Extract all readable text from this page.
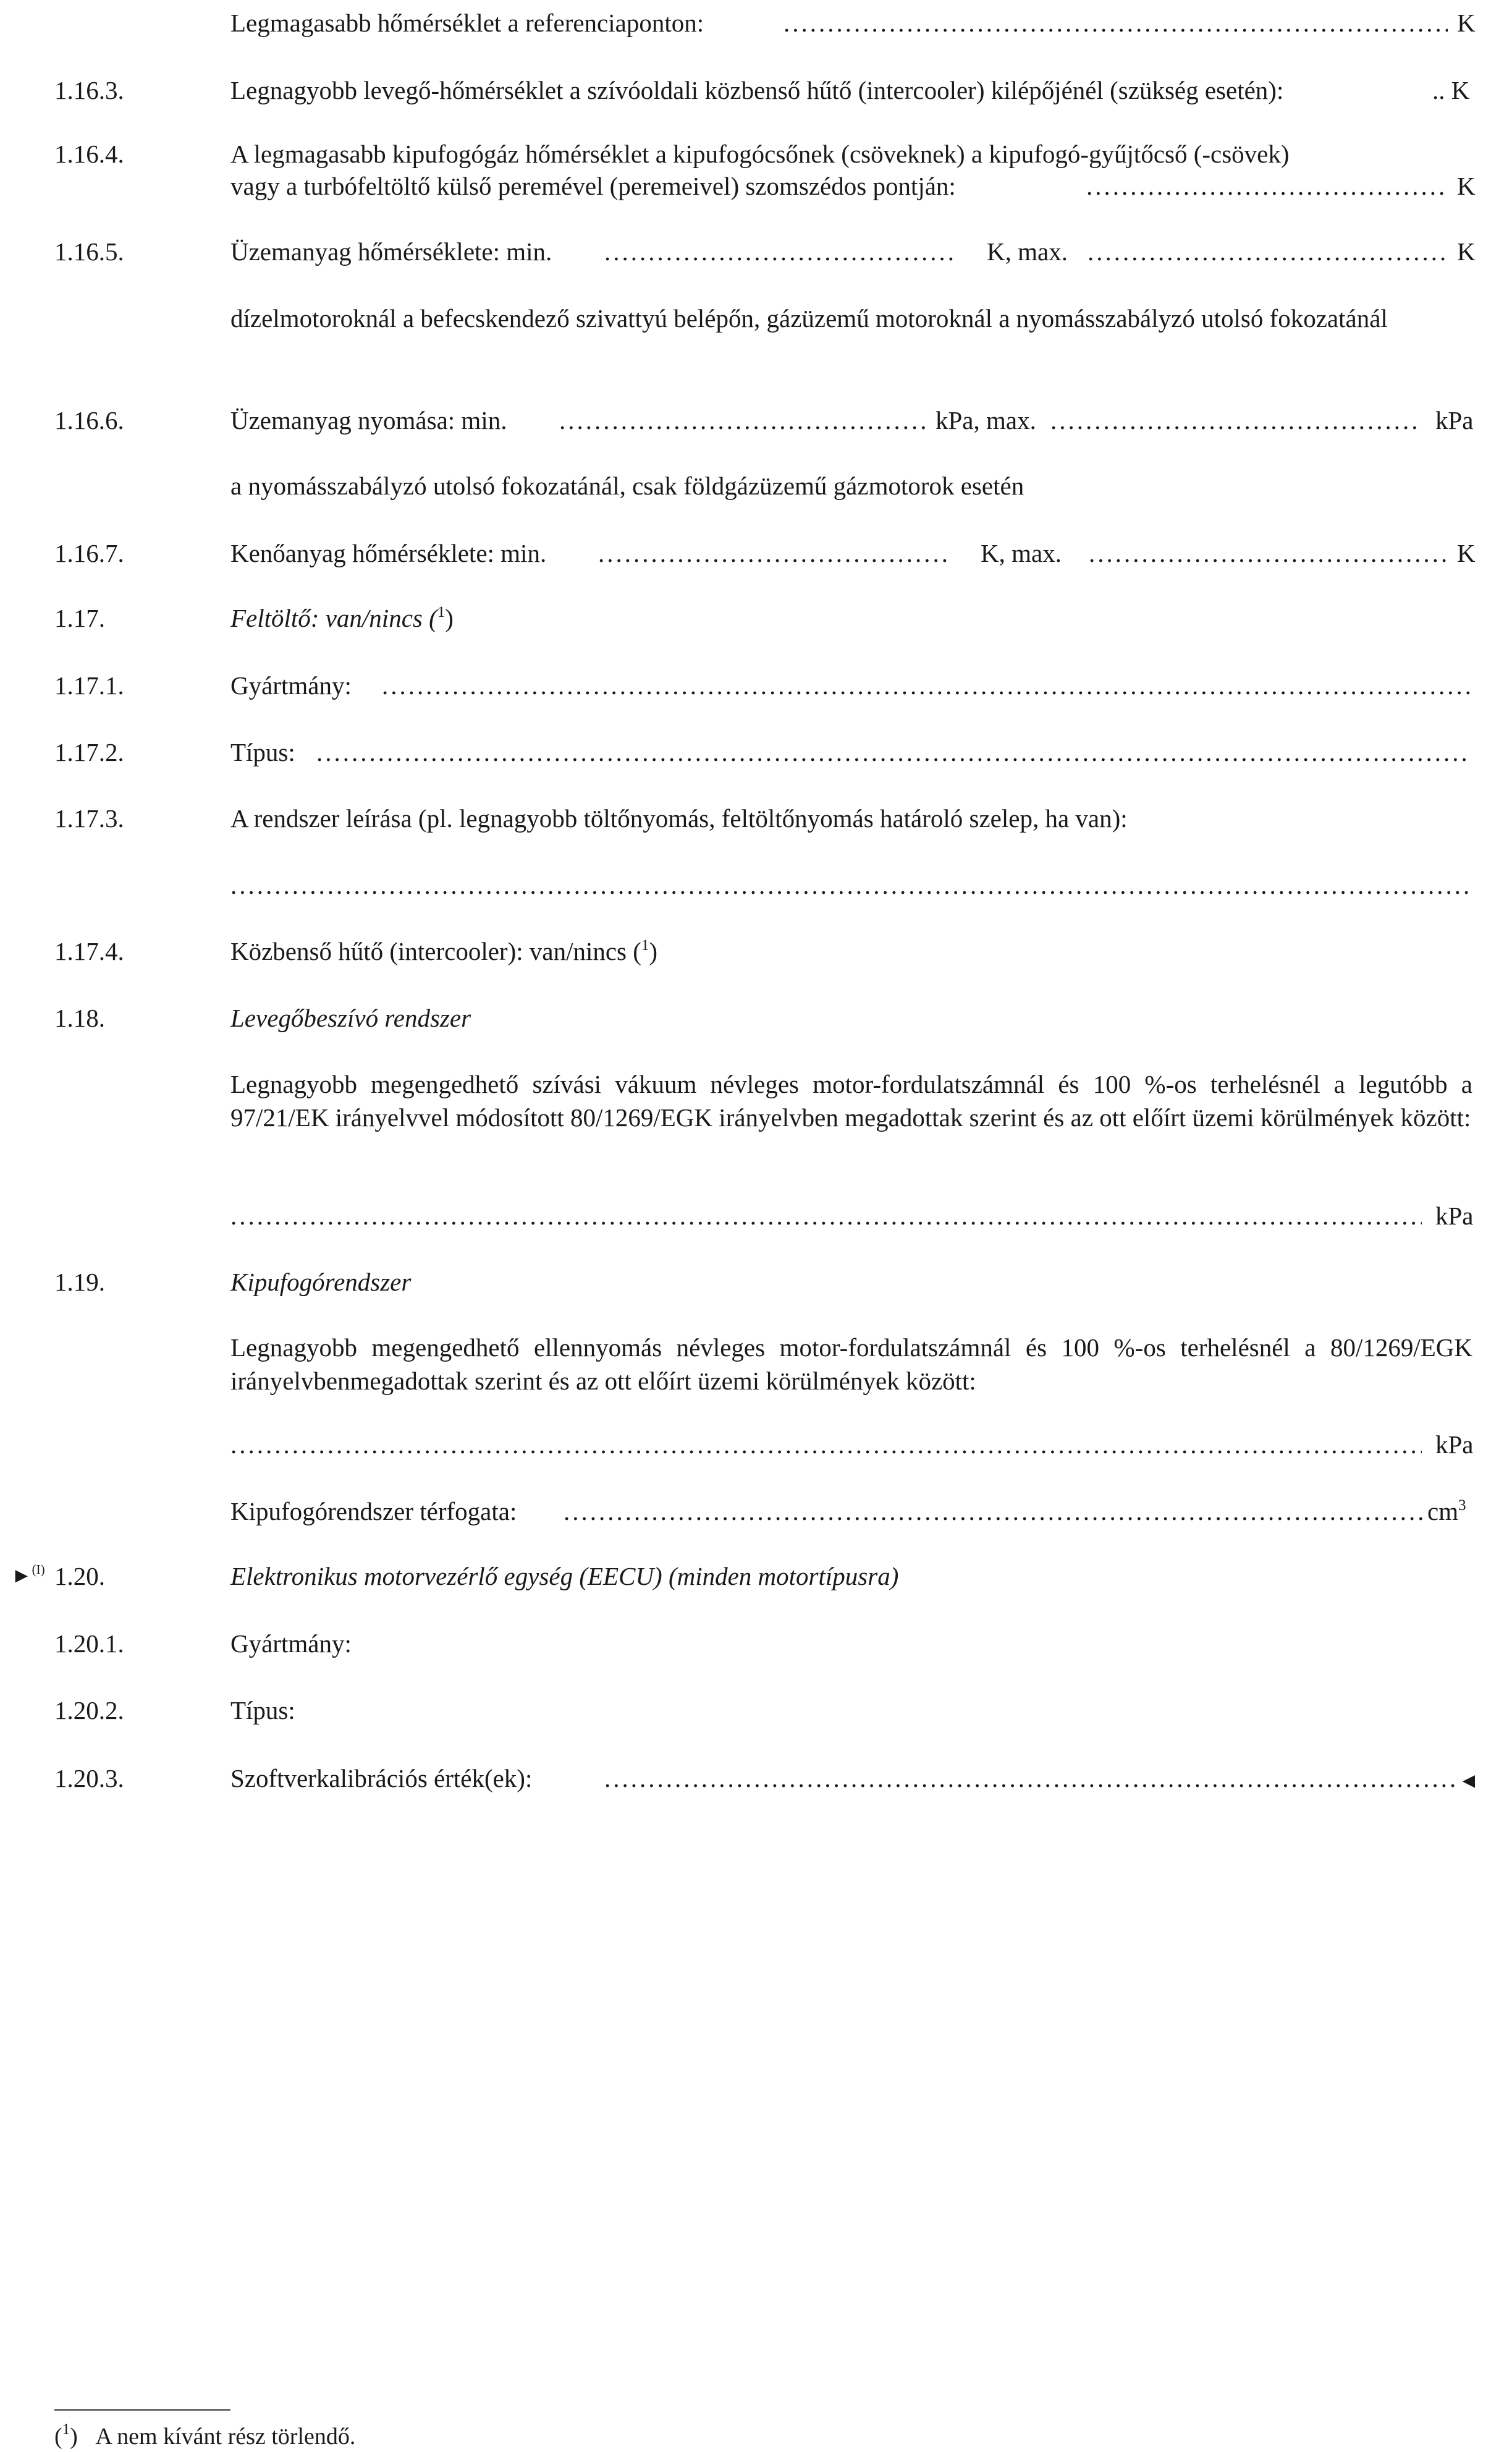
Legmagasabb hőmérséklet a referenciaponton: .....	K
1.16.3.	Legnagyobb levegő-hőmérséklet a szívóoldali közbenső hűtő (intercooler) kilépőjénél (szükség esetén):	.. K
1.16.4.	A legmagasabb kipufogógáz hőmérséklet a kipufogócsőnek (csöveknek) a kipufogó-gyűjtőcső (-csövek)
vagy a turbófeltöltő külső peremével (peremeivel) szomszédos pontján: .....	K
1.16.5.	Üzemanyag hőmérséklete: min. .....	K, max. .....	K
dízelmotoroknál a befecskendező szivattyú belépőn, gázüzemű motoroknál a nyomásszabályzó utolsó fokozatánál
1.16.6.	Üzemanyag nyomása: min. .....	kPa, max. .....	kPa
a nyomásszabályzó utolsó fokozatánál, csak földgázüzemű gázmotorok esetén
1.16.7.	Kenőanyag hőmérséklete: min. .....	K, max. .....	K
1.17.	Feltöltő: van/nincs ($^1$)
1.17.1.	Gyártmány:
.....
1.17.2.	Típus:
.....
1.17.3.	A rendszer leírása (pl. legnagyobb töltőnyomás, feltöltőnyomás határoló szelep, ha van):
.....
1.17.4.	Közbenső hűtő (intercooler): van/nincs ($^1$)
1.18.	Levegőbeszívó rendszer
Legnagyobb megengedhető szívási vákuum névleges motor-fordulatszámnál és 100 %-os terhelésnél a legutóbb a 97/21/EK irányelvvel módosított 80/1269/EGK irányelvben megadottak szerint és az ott előírt üzemi körülmények között:
.....
kPa
1.19.	Kipufogórendszer
Legnagyobb megengedhető ellennyomás névleges motor-fordulatszámnál és 100 %-os terhelésnél a 80/1269/EGK irányelvbenmegadottak szerint és az ott előírt üzemi körülmények között:
.....
kPa
Kipufogórendszer térfogata: .....	$cm^3$
►$^{(I)}$ 1.20.	Elektronikus motorvezérlő egység (EECU) (minden motortípusra)
1.20.1.	Gyártmány:
1.20.2.	Típus:
1.20.3.	Szoftverkalibrációs érték(ek): .....	◄
($^1$)   A nem kívánt rész törlendő.
